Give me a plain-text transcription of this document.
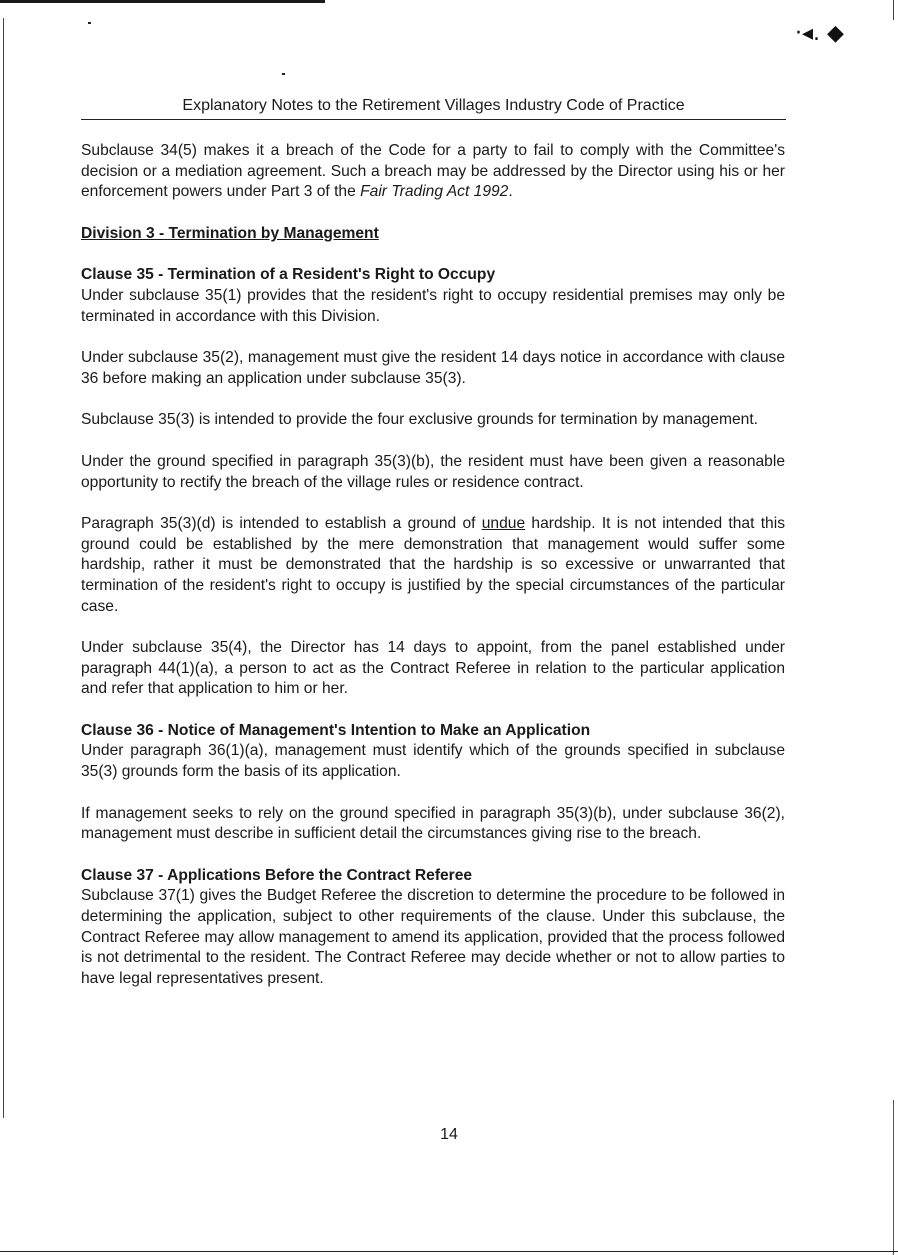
·◂. ◆
Explanatory Notes to the Retirement Villages Industry Code of Practice

Subclause 34(5) makes it a breach of the Code for a party to fail to comply with the Committee's decision or a mediation agreement. Such a breach may be addressed by the Director using his or her enforcement powers under Part 3 of the Fair Trading Act 1992.

Division 3 - Termination by Management

Clause 35 - Termination of a Resident's Right to Occupy

Under subclause 35(1) provides that the resident's right to occupy residential premises may only be terminated in accordance with this Division.

Under subclause 35(2), management must give the resident 14 days notice in accordance with clause 36 before making an application under subclause 35(3).

Subclause 35(3) is intended to provide the four exclusive grounds for termination by management.

Under the ground specified in paragraph 35(3)(b), the resident must have been given a reasonable opportunity to rectify the breach of the village rules or residence contract.

Paragraph 35(3)(d) is intended to establish a ground of undue hardship. It is not intended that this ground could be established by the mere demonstration that management would suffer some hardship, rather it must be demonstrated that the hardship is so excessive or unwarranted that termination of the resident's right to occupy is justified by the special circumstances of the particular case.

Under subclause 35(4), the Director has 14 days to appoint, from the panel established under paragraph 44(1)(a), a person to act as the Contract Referee in relation to the particular application and refer that application to him or her.

Clause 36 - Notice of Management's Intention to Make an Application

Under paragraph 36(1)(a), management must identify which of the grounds specified in subclause 35(3) grounds form the basis of its application.

If management seeks to rely on the ground specified in paragraph 35(3)(b), under subclause 36(2), management must describe in sufficient detail the circumstances giving rise to the breach.

Clause 37 - Applications Before the Contract Referee

Subclause 37(1) gives the Budget Referee the discretion to determine the procedure to be followed in determining the application, subject to other requirements of the clause. Under this subclause, the Contract Referee may allow management to amend its application, provided that the process followed is not detrimental to the resident. The Contract Referee may decide whether or not to allow parties to have legal representatives present.

14
